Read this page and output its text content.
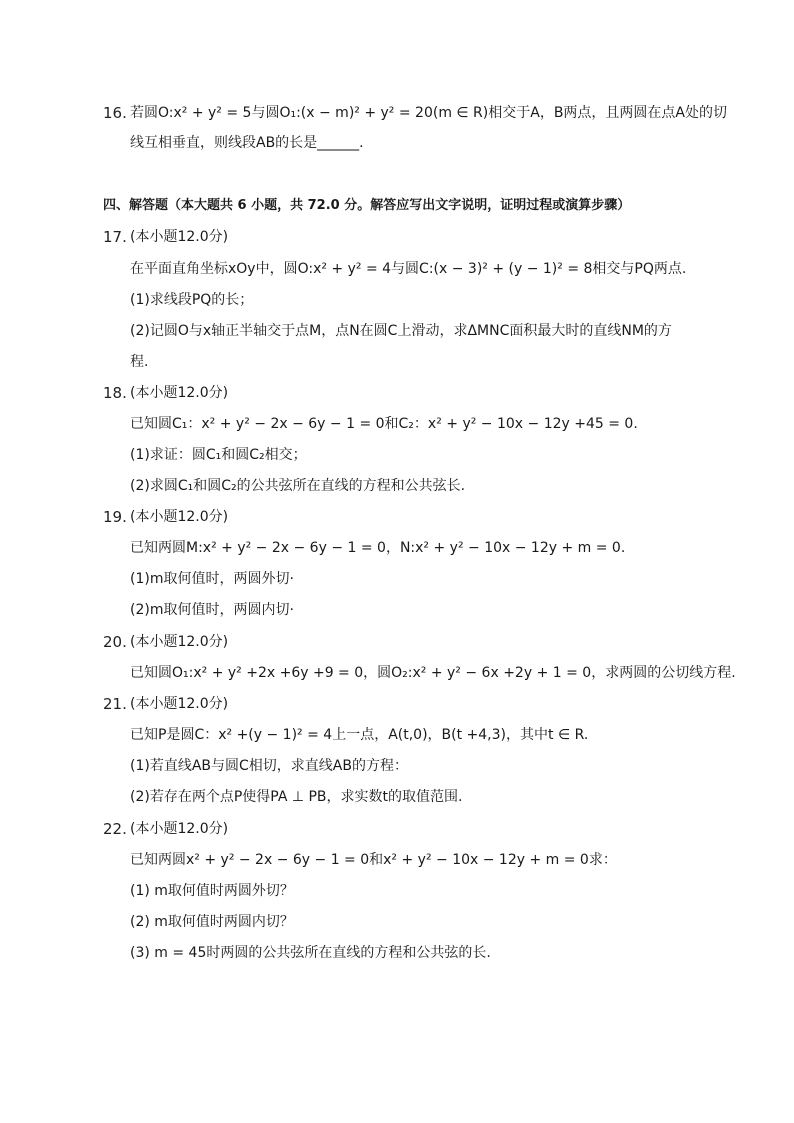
16. 若圆O:x² + y² = 5与圆O₁:(x − m)² + y² = 20(m ∈ R)相交于A，B两点，且两圆在点A处的切
线互相垂直，则线段AB的长是______.
四、解答题（本大题共 6 小题，共 72.0 分。解答应写出文字说明，证明过程或演算步骤）
17. (本小题12.0分)
在平面直角坐标xOy中，圆O:x² + y² = 4与圆C:(x − 3)² + (y − 1)² = 8相交与PQ两点.
(1)求线段PQ的长；
(2)记圆O与x轴正半轴交于点M，点N在圆C上滑动，求ΔMNC面积最大时的直线NM的方
程.
18. (本小题12.0分)
已知圆C₁：x² + y² − 2x − 6y − 1 = 0和C₂：x² + y² − 10x − 12y +45 = 0.
(1)求证：圆C₁和圆C₂相交；
(2)求圆C₁和圆C₂的公共弦所在直线的方程和公共弦长.
19. (本小题12.0分)
已知两圆M:x² + y² − 2x − 6y − 1 = 0，N:x² + y² − 10x − 12y + m = 0.
(1)m取何值时，两圆外切·
(2)m取何值时，两圆内切·
20. (本小题12.0分)
已知圆O₁:x² + y² +2x +6y +9 = 0，圆O₂:x² + y² − 6x +2y + 1 = 0，求两圆的公切线方程.
21. (本小题12.0分)
已知P是圆C：x² +(y − 1)² = 4上一点，A(t,0)，B(t +4,3)，其中t ∈ R.
(1)若直线AB与圆C相切，求直线AB的方程：
(2)若存在两个点P使得PA ⊥ PB，求实数t的取值范围.
22. (本小题12.0分)
已知两圆x² + y² − 2x − 6y − 1 = 0和x² + y² − 10x − 12y + m = 0求：
(1) m取何值时两圆外切？
(2) m取何值时两圆内切？
(3) m = 45时两圆的公共弦所在直线的方程和公共弦的长.
